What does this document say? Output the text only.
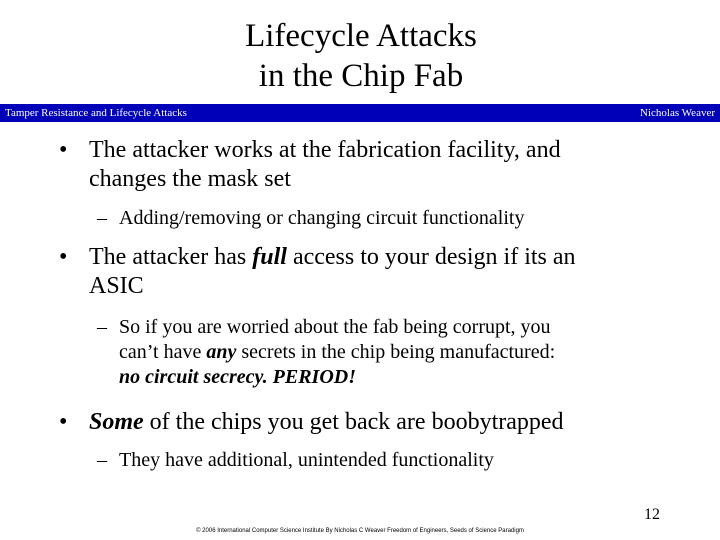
Lifecycle Attacks
in the Chip Fab
Tamper Resistance and Lifecycle Attacks	Nicholas Weaver
• The attacker works at the fabrication facility, and
changes the mask set
– Adding/removing or changing circuit functionality
• The attacker has full access to your design if its an
ASIC
– So if you are worried about the fab being corrupt, you
can’t have any secrets in the chip being manufactured:
no circuit secrecy. PERIOD!
• Some of the chips you get back are boobytrapped
– They have additional, unintended functionality
12
© 2006 International Computer Science Institute By Nicholas C Weaver Freedom of Engineers, Seeds of Science Paradigm
